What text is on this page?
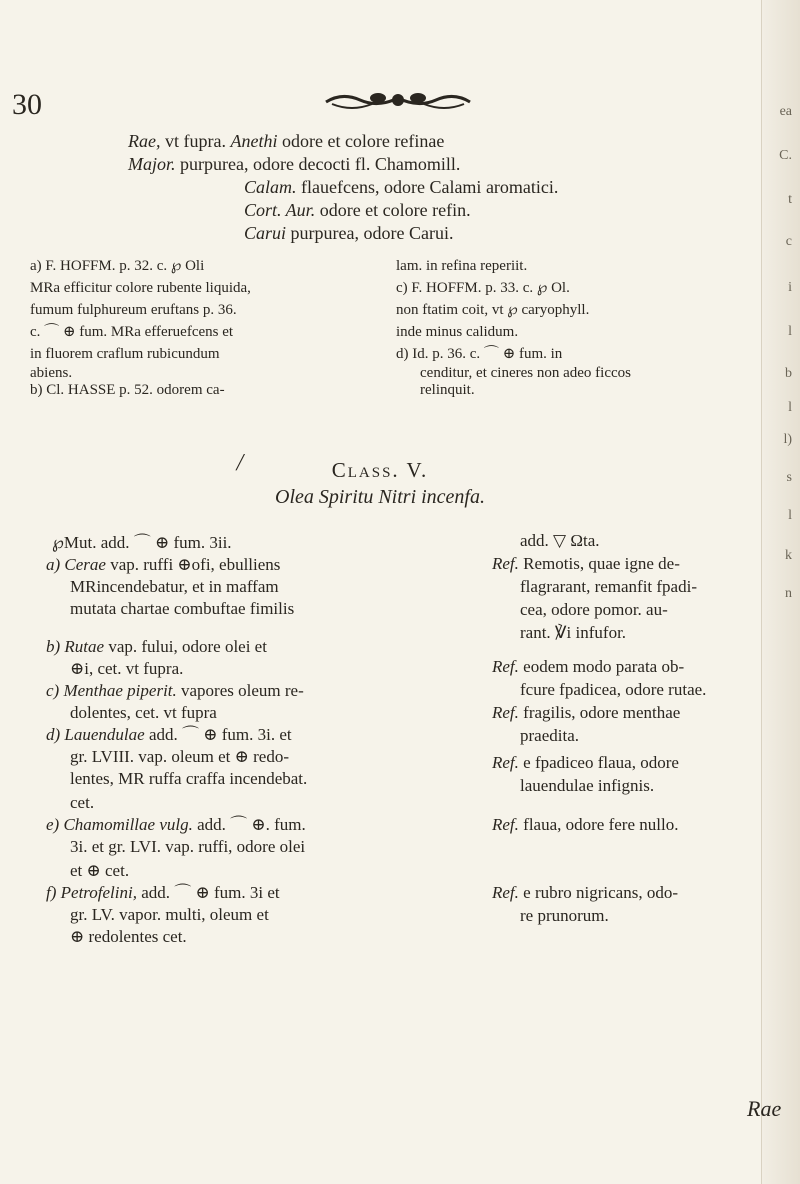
ea
C.
t
c
i
l
b
l
l)
s
l
k
n
30
Rae, vt fupra. Anethi odore et colore refinae
Major. purpurea, odore decocti fl. Chamomill.
Calam. flauefcens, odore Calami aromatici.
Cort. Aur. odore et colore refin.
Carui purpurea, odore Carui.
a) F. HOFFM. p. 32. c. ℘ Oli
MRa efficitur colore rubente liquida,
fumum fulphureum eruftans p. 36.
c. ⌒ ⊕ fum. MRa efferuefcens et
in fluorem craflum rubicundum
abiens.
b) Cl. HASSE p. 52. odorem ca-
lam. in refina reperiit.
c) F. HOFFM. p. 33. c. ℘ Ol.
non ftatim coit, vt ℘ caryophyll.
inde minus calidum.
d) Id. p. 36. c. ⌒ ⊕ fum. in
cenditur, et cineres non adeo ficcos
relinquit.
╱	Class. V.
Olea Spiritu Nitri incenfa.
℘Mut. add. ⌒ ⊕ fum. 3ii.
a) Cerae vap. ruffi ⊕ofi, ebulliens
MRincendebatur, et in maffam
mutata chartae combuftae fimilis
b) Rutae vap. fului, odore olei et
⊕i, cet. vt fupra.
c) Menthae piperit. vapores oleum re-
dolentes, cet. vt fupra
d) Lauendulae add. ⌒ ⊕ fum. 3i. et
gr. LVIII. vap. oleum et ⊕ redo-
lentes, MR ruffa craffa incendebat.
cet.
e) Chamomillae vulg. add. ⌒ ⊕. fum.
3i. et gr. LVI. vap. ruffi, odore olei
et ⊕ cet.
f) Petrofelini, add. ⌒ ⊕ fum. 3i et
gr. LV. vapor. multi, oleum et
⊕ redolentes cet.
add. ▽ Ωta.
Ref. Remotis, quae igne de-
flagrarant, remanfit fpadi-
cea, odore pomor. au-
rant. ℣i infufor.
Ref. eodem modo parata ob-
fcure fpadicea, odore rutae.
Ref. fragilis, odore menthae
praedita.
Ref. e fpadiceo flaua, odore
lauendulae infignis.
Ref. flaua, odore fere nullo.
Ref. e rubro nigricans, odo-
re prunorum.
Rae
